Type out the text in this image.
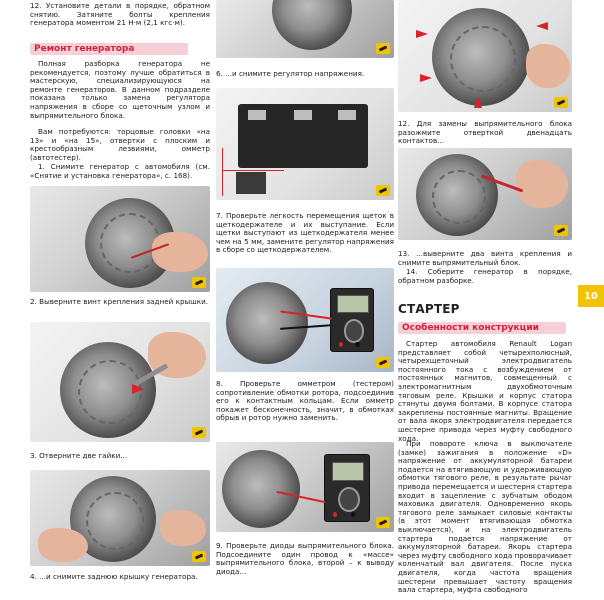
12. Установите детали в порядке, обратном снятию. Затяните болты крепления генератора моментом 21 Н·м (2,1 кгс·м).

Ремонт генератора

Полная разборка генератора не рекомендуется, поэтому лучше обратиться в мастерскую, специализирующуюся на ремонте генераторов. В данном подразделе показана только замена регулятора напряжения в сборе со щеточным узлом и выпрямительного блока.

Вам потребуются: торцовые головки «на 13» и «на 15», отвертки с плоским и крестообразным лезвиями, омметр (автотестер).

1. Снимите генератор с автомобиля (см. «Снятие и установка генератора», с. 168).

2. Выверните винт крепления задней крышки.

3. Отверните две гайки...

4. ...и снимите заднюю крышку генератора.

6. ...и снимите регулятор напряжения.

7. Проверьте легкость перемещения щеток в щеткодержателе и их выступание. Если щетки выступают из щеткодержателя менее чем на 5 мм, замените регулятор напряжения в сборе со щеткодержателем.

8. Проверьте омметром (тестером) сопротивление обмотки ротора, подсоединив его к контактным кольцам. Если омметр покажет бесконечность, значит, в обмотках обрыв и ротор нужно заменить.

9. Проверьте диоды выпрямительного блока. Подсоедините один провод к «массе» выпрямительного блока, второй – к выводу диода...

12. Для замены выпрямительного блока разожмите отверткой двенадцать контактов...

13. ...выверните два винта крепления и снимите выпрямительный блок.

14. Соберите генератор в порядке, обратном разборке.

СТАРТЕР
Особенности конструкции

Стартер автомобиля Renault Logan представляет собой четырехполюсный, четырехщеточный электродвигатель постоянного тока с возбуждением от постоянных магнитов, совмещенный с электромагнитным двухобмоточным тяговым реле. Крышки и корпус статора стянуты двумя болтами. В корпусе статора закреплены постоянные магниты. Вращение от вала якоря электродвигателя передается шестерне привода через муфту свободного хода.

При повороте ключа в выключателе (замке) зажигания в положение «D» напряжение от аккумуляторной батареи подается на втягивающую и удерживающую обмотки тягового реле, в результате рычаг привода перемещается и шестерня стартера входит в зацепление с зубчатым ободом маховика двигателя. Одновременно якорь тягового реле замыкает силовые контакты (в этот момент втягивающая обмотка выключается), и на электродвигатель стартера подается напряжение от аккумуляторной батареи. Якорь стартера через муфту свободного хода проворачивает коленчатый вал двигателя. После пуска двигателя, когда частота вращения шестерни превышает частоту вращения вала стартера, муфта свободного

10
